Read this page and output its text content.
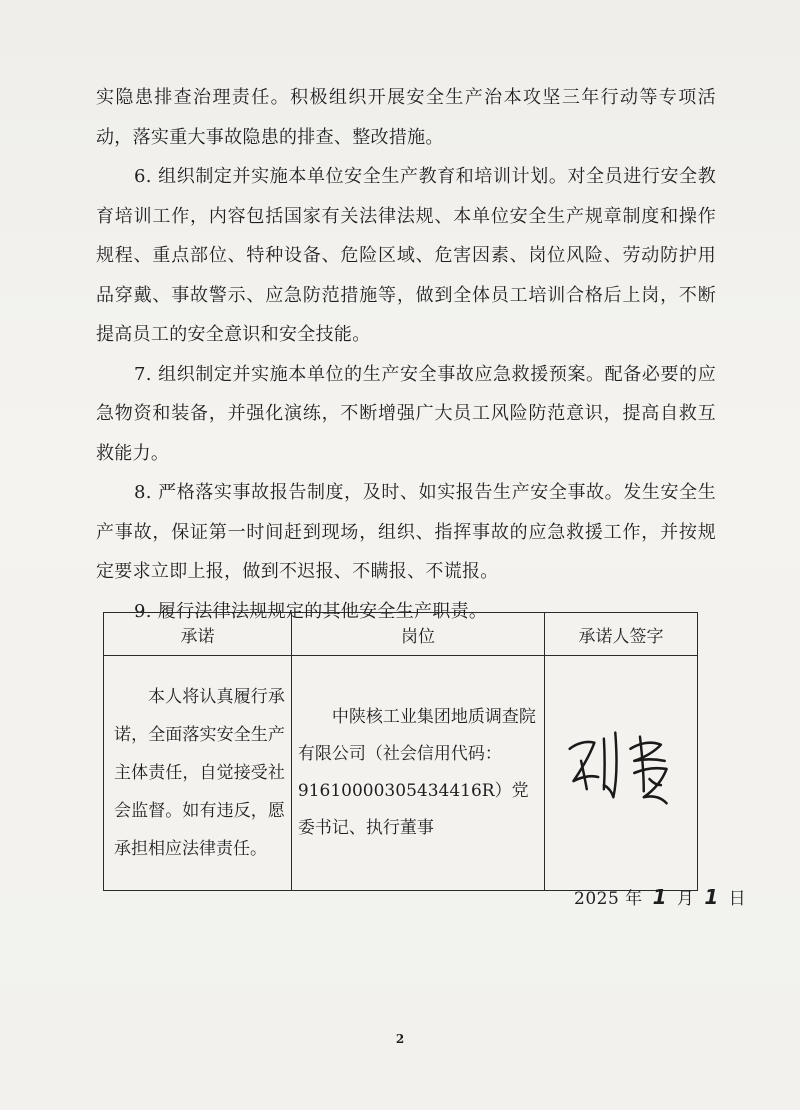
实隐患排查治理责任。积极组织开展安全生产治本攻坚三年行动等专项活动，落实重大事故隐患的排查、整改措施。

6. 组织制定并实施本单位安全生产教育和培训计划。对全员进行安全教育培训工作，内容包括国家有关法律法规、本单位安全生产规章制度和操作规程、重点部位、特种设备、危险区域、危害因素、岗位风险、劳动防护用品穿戴、事故警示、应急防范措施等，做到全体员工培训合格后上岗，不断提高员工的安全意识和安全技能。

7. 组织制定并实施本单位的生产安全事故应急救援预案。配备必要的应急物资和装备，并强化演练，不断增强广大员工风险防范意识，提高自救互救能力。

8. 严格落实事故报告制度，及时、如实报告生产安全事故。发生安全生产事故，保证第一时间赶到现场，组织、指挥事故的应急救援工作，并按规定要求立即上报，做到不迟报、不瞒报、不谎报。

9. 履行法律法规规定的其他安全生产职责。

承诺	岗位	承诺人签字

本人将认真履行承诺，全面落实安全生产主体责任，自觉接受社会监督。如有违反，愿承担相应法律责任。	中陕核工业集团地质调查院有限公司（社会信用代码：91610000305434416R）党委书记、执行董事

2025 年 1 月 1 日
2
